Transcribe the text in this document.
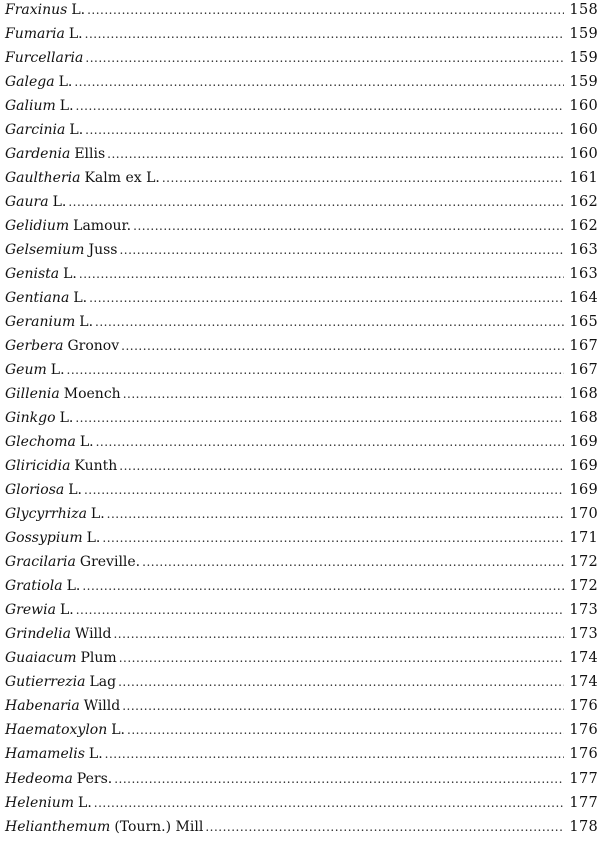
Fraxinus L. .....	158
Fumaria L. .....	159
Furcellaria .....	159
Galega L. .....	159
Galium L. .....	160
Garcinia L. .....	160
Gardenia Ellis .....	160
Gaultheria Kalm ex L. .....	161
Gaura L. .....	162
Gelidium Lamour. .....	162
Gelsemium Juss .....	163
Genista L. .....	163
Gentiana L. .....	164
Geranium L. .....	165
Gerbera Gronov .....	167
Geum L. .....	167
Gillenia Moench .....	168
Ginkgo L. .....	168
Glechoma L. .....	169
Gliricidia Kunth .....	169
Gloriosa L. .....	169
Glycyrrhiza L. .....	170
Gossypium L. .....	171
Gracilaria Greville. .....	172
Gratiola L. .....	172
Grewia L. .....	173
Grindelia Willd .....	173
Guaiacum Plum .....	174
Gutierrezia Lag .....	174
Habenaria Willd .....	176
Haematoxylon L. .....	176
Hamamelis L. .....	176
Hedeoma Pers. .....	177
Helenium L. .....	177
Helianthemum (Tourn.) Mill .....	178
